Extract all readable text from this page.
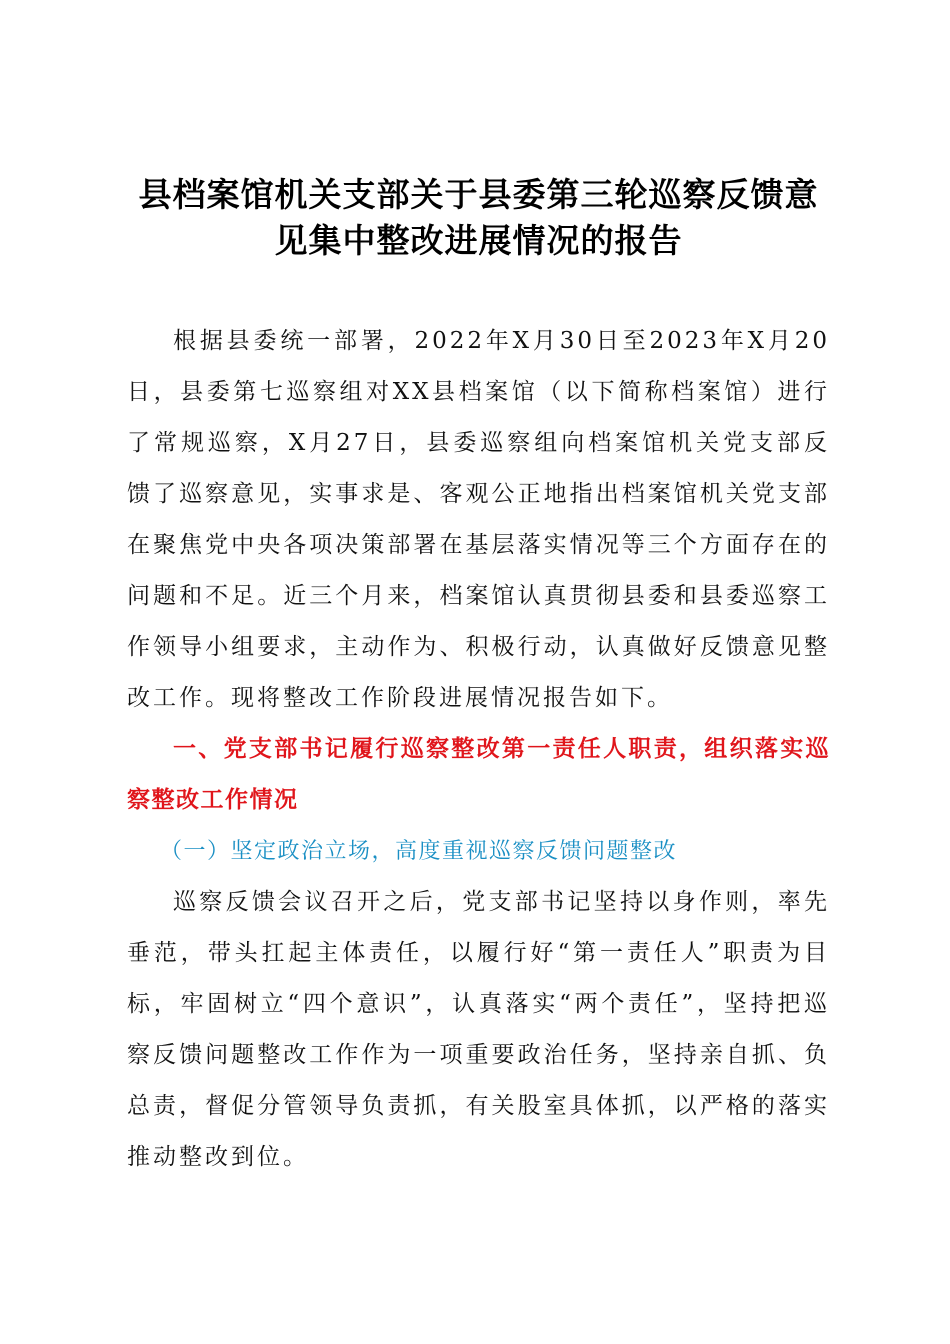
县档案馆机关支部关于县委第三轮巡察反馈意见集中整改进展情况的报告

根据县委统一部署，2022年X月30日至2023年X月20日，县委第七巡察组对XX县档案馆（以下简称档案馆）进行了常规巡察，X月27日，县委巡察组向档案馆机关党支部反馈了巡察意见，实事求是、客观公正地指出档案馆机关党支部在聚焦党中央各项决策部署在基层落实情况等三个方面存在的问题和不足。近三个月来，档案馆认真贯彻县委和县委巡察工作领导小组要求，主动作为、积极行动，认真做好反馈意见整改工作。现将整改工作阶段进展情况报告如下。

一、党支部书记履行巡察整改第一责任人职责，组织落实巡察整改工作情况

（一）坚定政治立场，高度重视巡察反馈问题整改

巡察反馈会议召开之后，党支部书记坚持以身作则，率先垂范，带头扛起主体责任，以履行好“第一责任人”职责为目标，牢固树立“四个意识”，认真落实“两个责任”，坚持把巡察反馈问题整改工作作为一项重要政治任务，坚持亲自抓、负总责，督促分管领导负责抓，有关股室具体抓，以严格的落实推动整改到位。
